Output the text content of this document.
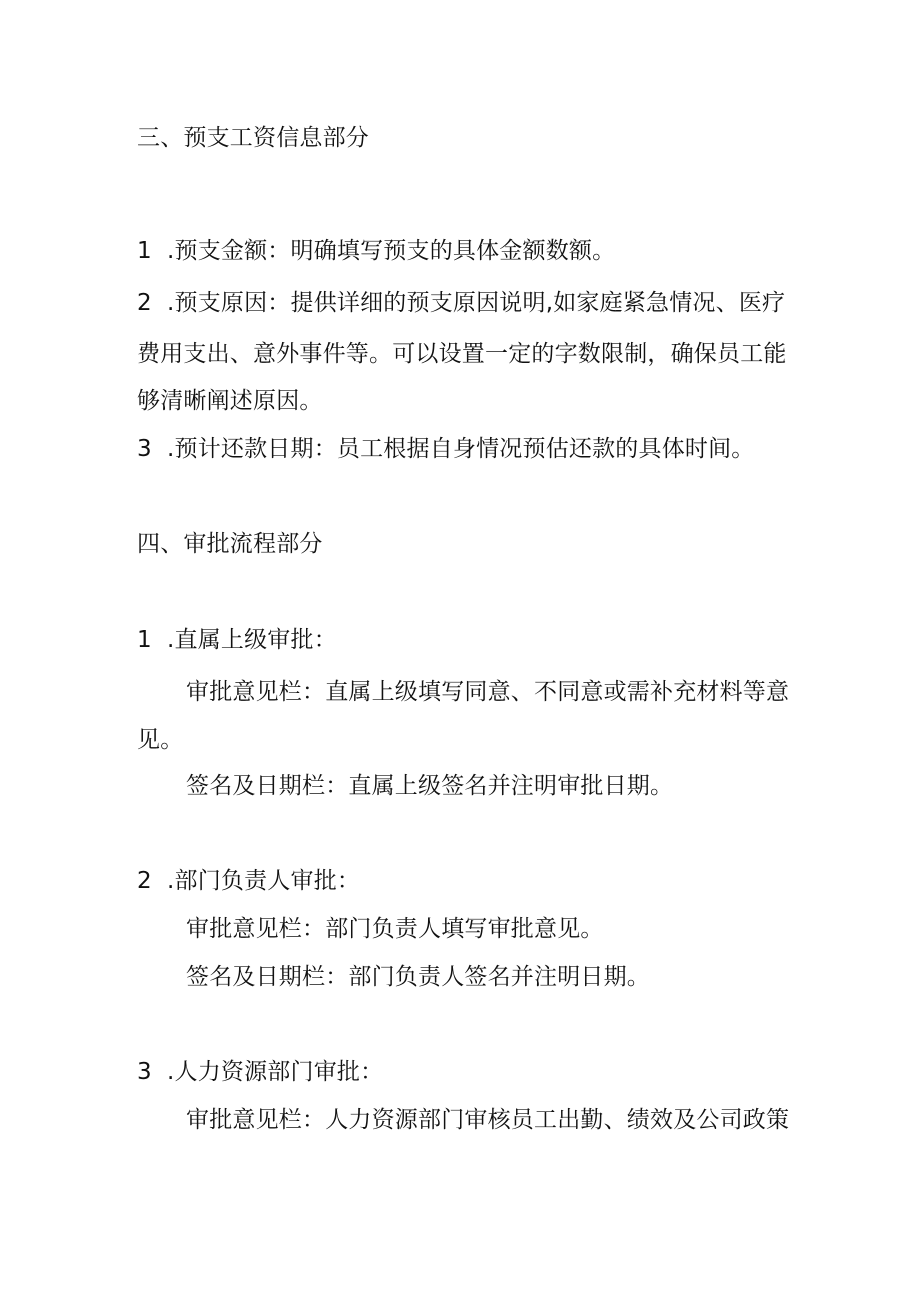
三、预支工资信息部分
1 .预支金额：明确填写预支的具体金额数额。
2 .预支原因：提供详细的预支原因说明,如家庭紧急情况、医疗
费用支出、意外事件等。可以设置一定的字数限制，确保员工能
够清晰阐述原因。
3 .预计还款日期：员工根据自身情况预估还款的具体时间。
四、审批流程部分
1 .直属上级审批：
审批意见栏：直属上级填写同意、不同意或需补充材料等意
见。
签名及日期栏：直属上级签名并注明审批日期。
2 .部门负责人审批：
审批意见栏：部门负责人填写审批意见。
签名及日期栏：部门负责人签名并注明日期。
3 .人力资源部门审批：
审批意见栏：人力资源部门审核员工出勤、绩效及公司政策
